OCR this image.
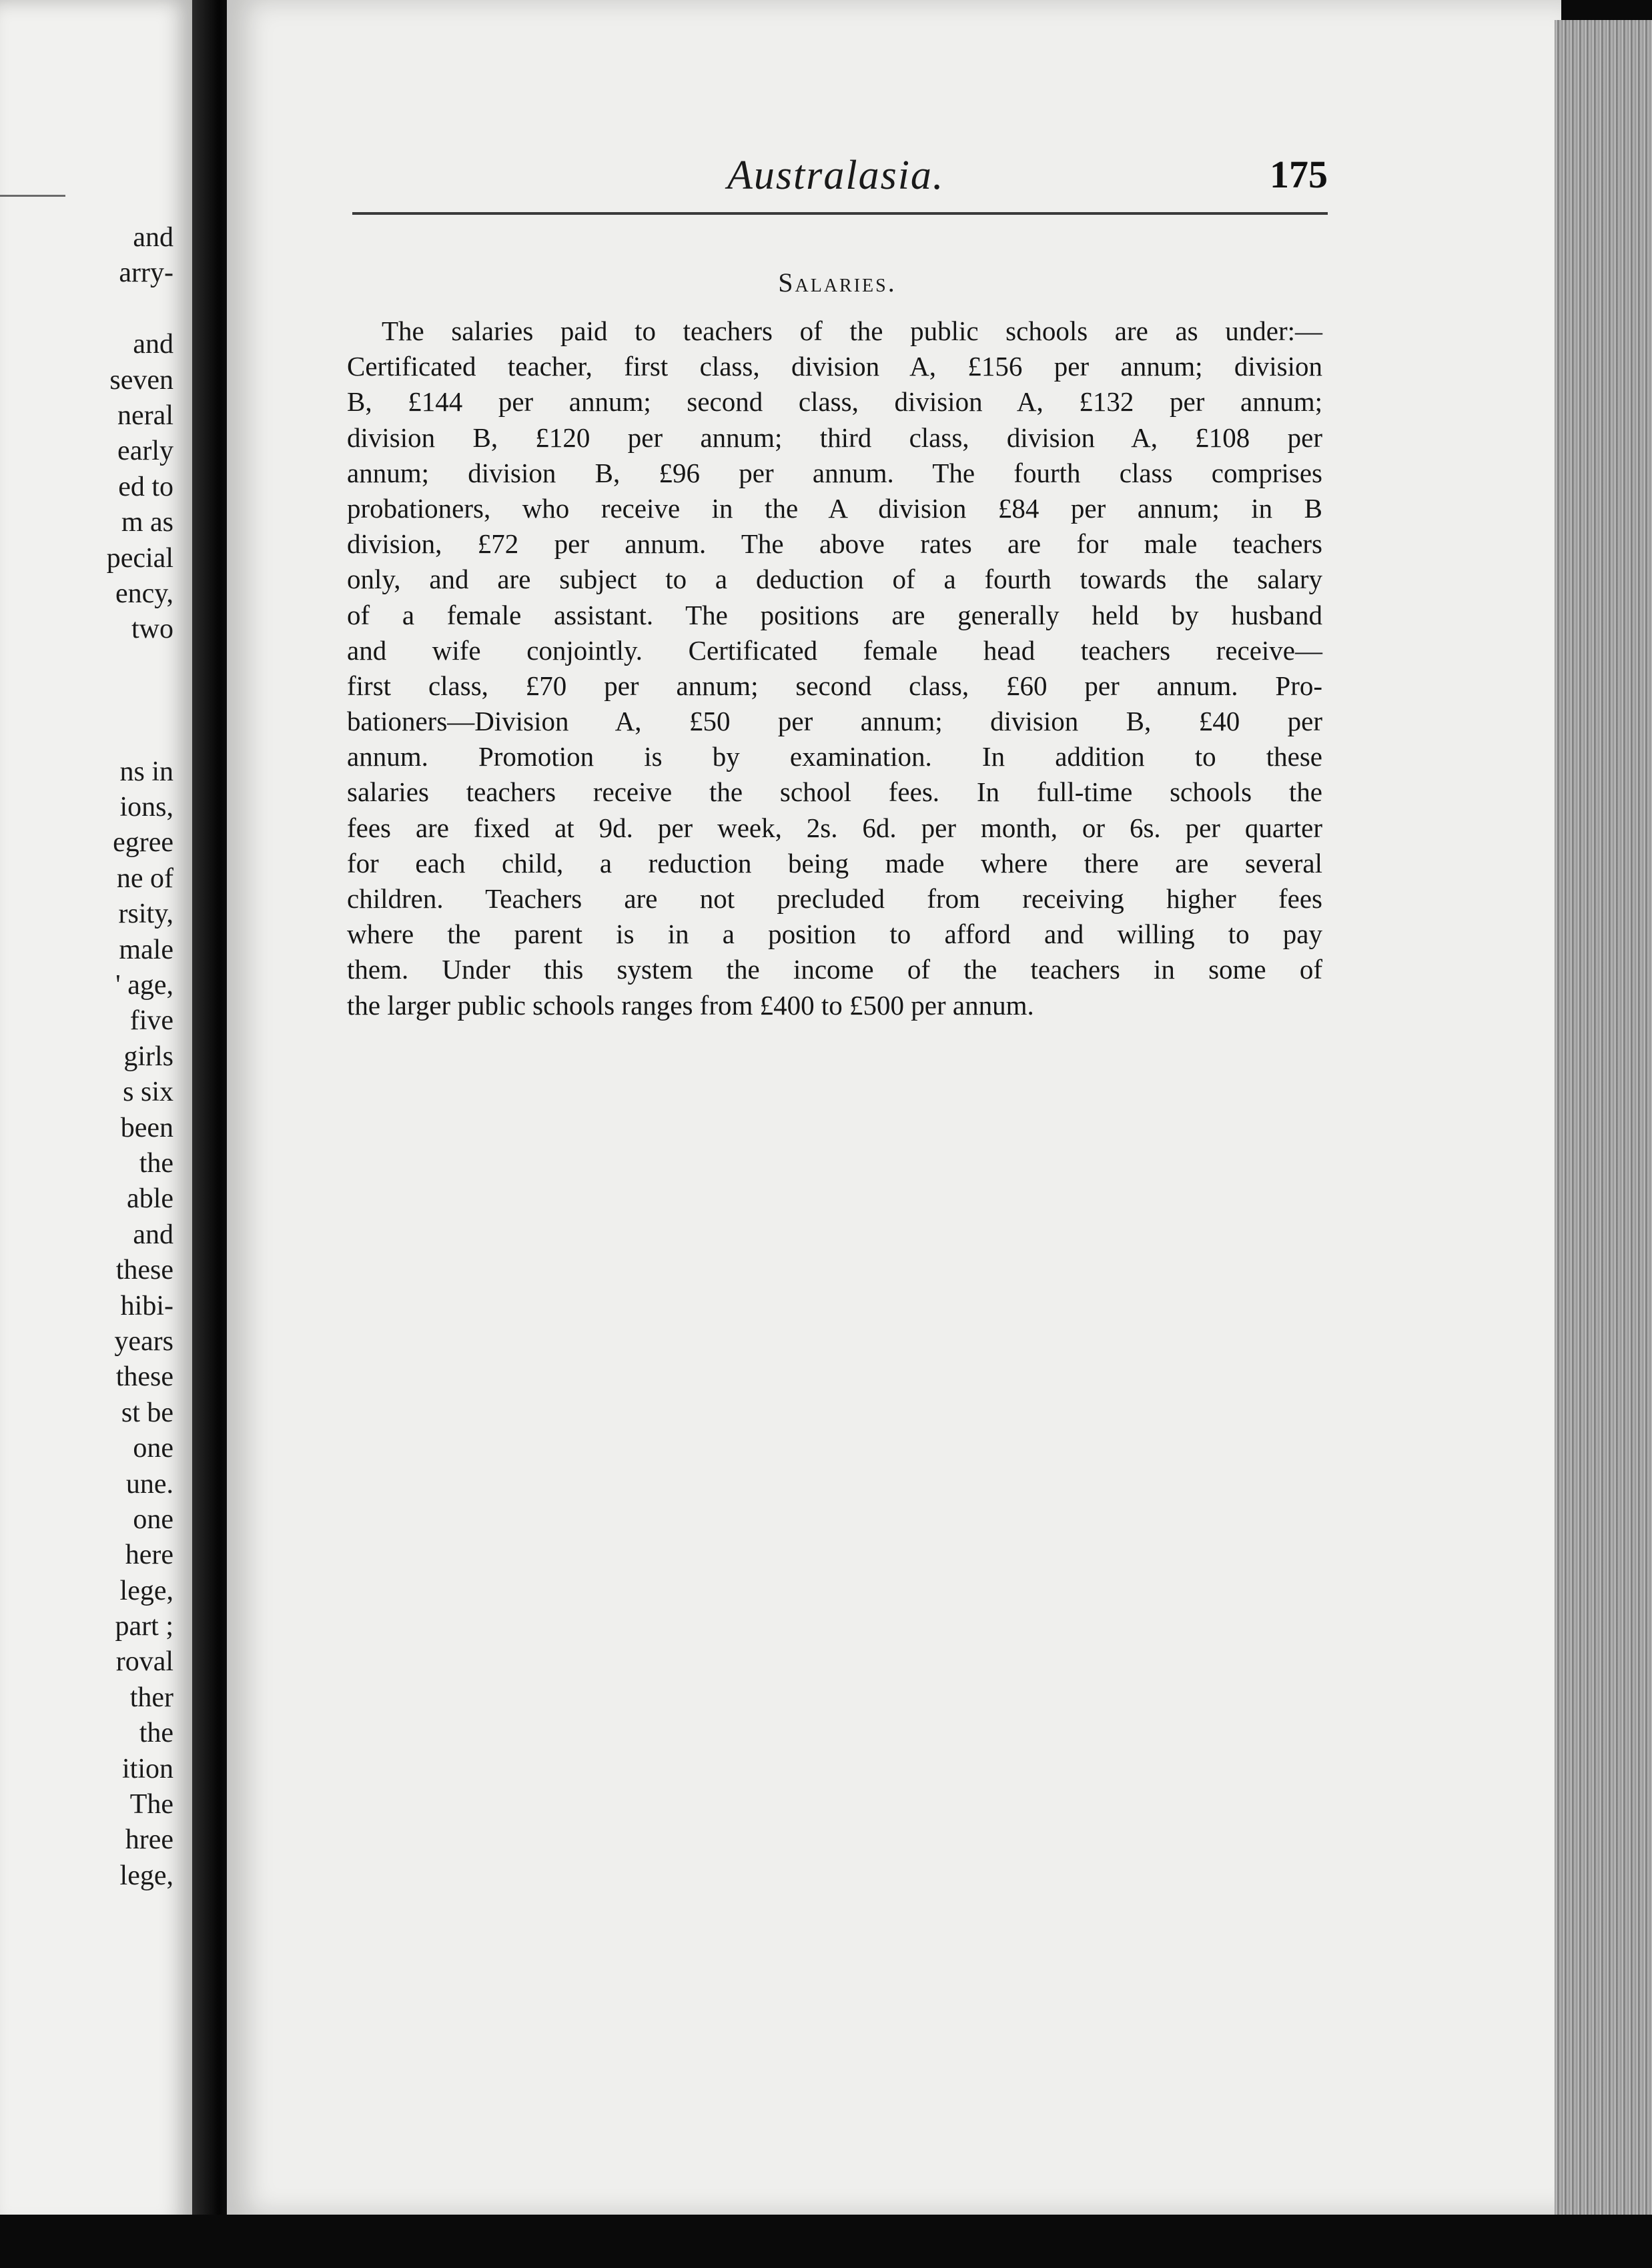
and
arry-
and
seven
neral
early
ed to
m as
pecial
ency,
two
ns in
ions,
egree
ne of
rsity,
male
' age,
five
girls
s six
been
the
able
and
these
hibi-
years
these
st be
one
une.
one
here
lege,
part ;
roval
ther
the
ition
The
hree
lege,
Australasia.	175
Salaries.

The salaries paid to teachers of the public schools are as under:—
Certificated teacher, first class, division A, £156 per annum; division
B, £144 per annum; second class, division A, £132 per annum;
division B, £120 per annum; third class, division A, £108 per
annum; division B, £96 per annum. The fourth class comprises
probationers, who receive in the A division £84 per annum; in B
division, £72 per annum. The above rates are for male teachers
only, and are subject to a deduction of a fourth towards the salary
of a female assistant. The positions are generally held by husband
and wife conjointly. Certificated female head teachers receive—
first class, £70 per annum; second class, £60 per annum. Pro-
bationers—Division A, £50 per annum; division B, £40 per
annum. Promotion is by examination. In addition to these
salaries teachers receive the school fees. In full-time schools the
fees are fixed at 9d. per week, 2s. 6d. per month, or 6s. per quarter
for each child, a reduction being made where there are several
children. Teachers are not precluded from receiving higher fees
where the parent is in a position to afford and willing to pay
them. Under this system the income of the teachers in some of
the larger public schools ranges from £400 to £500 per annum.
